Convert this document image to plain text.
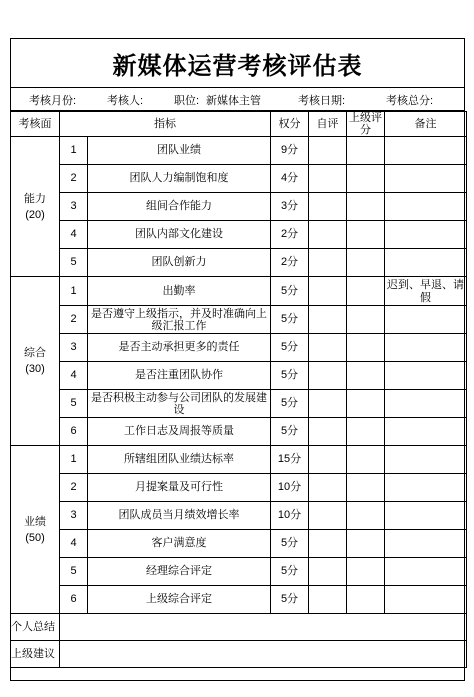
新媒体运营考核评估表
考核月份:	考核人:	职位: 新媒体主管	考核日期:	考核总分:
考核面	指标		权分	自评	上级评分	备注

能力
(20)	1	团队业绩	9分			
	2	团队人力编制饱和度	4分			
	3	组间合作能力	3分			
	4	团队内部文化建设	2分			
	5	团队创新力	2分			

综合
(30)	1	出勤率	5分			迟到、早退、请假
	2	是否遵守上级指示，并及时准确向上级汇报工作	5分			
	3	是否主动承担更多的责任	5分			
	4	是否注重团队协作	5分			
	5	是否积极主动参与公司团队的发展建设	5分			
	6	工作日志及周报等质量	5分			

业绩
(50)	1	所辖组团队业绩达标率	15分			
	2	月提案量及可行性	10分			
	3	团队成员当月绩效增长率	10分			
	4	客户满意度	5分			
	5	经理综合评定	5分			
	6	上级综合评定	5分			
个人总结						
上级建议						
